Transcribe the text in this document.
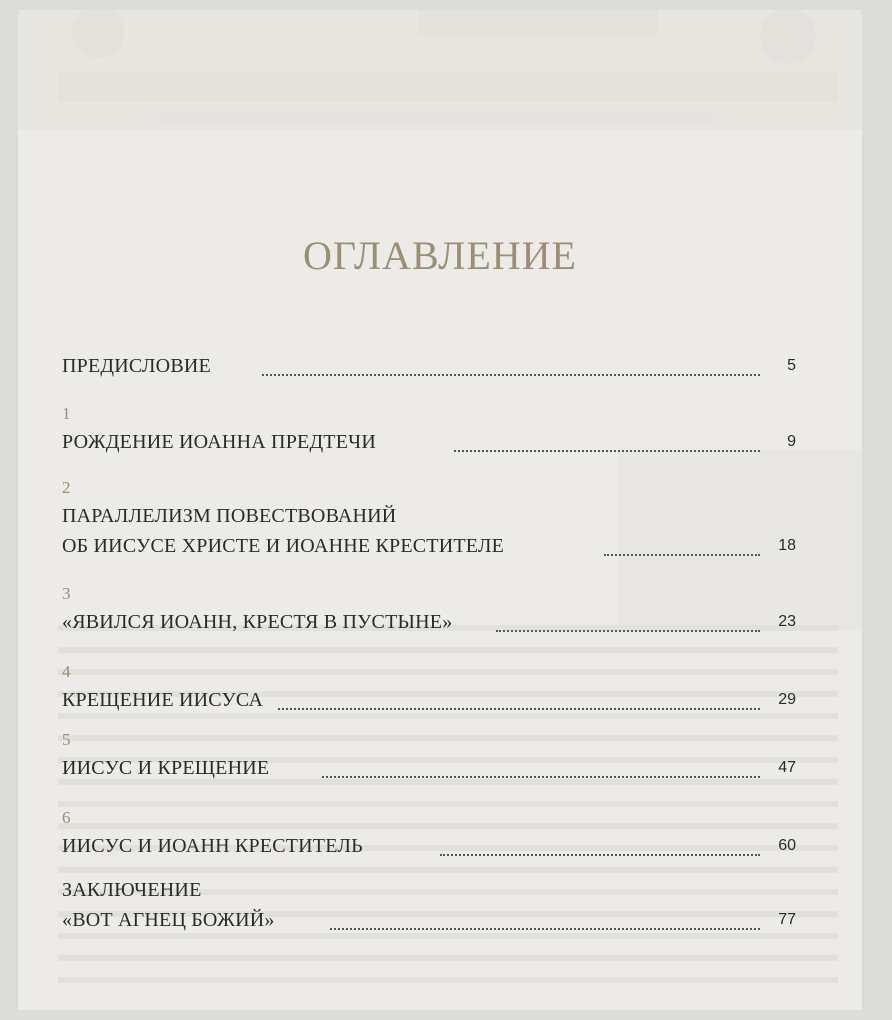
ОГЛАВЛЕНИЕ
ПРЕДИСЛОВИЕ	5
1
РОЖДЕНИЕ ИОАННА ПРЕДТЕЧИ	9
2
ПАРАЛЛЕЛИЗМ ПОВЕСТВОВАНИЙ
ОБ ИИСУСЕ ХРИСТЕ И ИОАННЕ КРЕСТИТЕЛЕ	18
3
«ЯВИЛСЯ ИОАНН, КРЕСТЯ В ПУСТЫНЕ»	23
4
КРЕЩЕНИЕ ИИСУСА	29
5
ИИСУС И КРЕЩЕНИЕ	47
6
ИИСУС И ИОАНН КРЕСТИТЕЛЬ	60
ЗАКЛЮЧЕНИЕ
«ВОТ АГНЕЦ БОЖИЙ»	77
